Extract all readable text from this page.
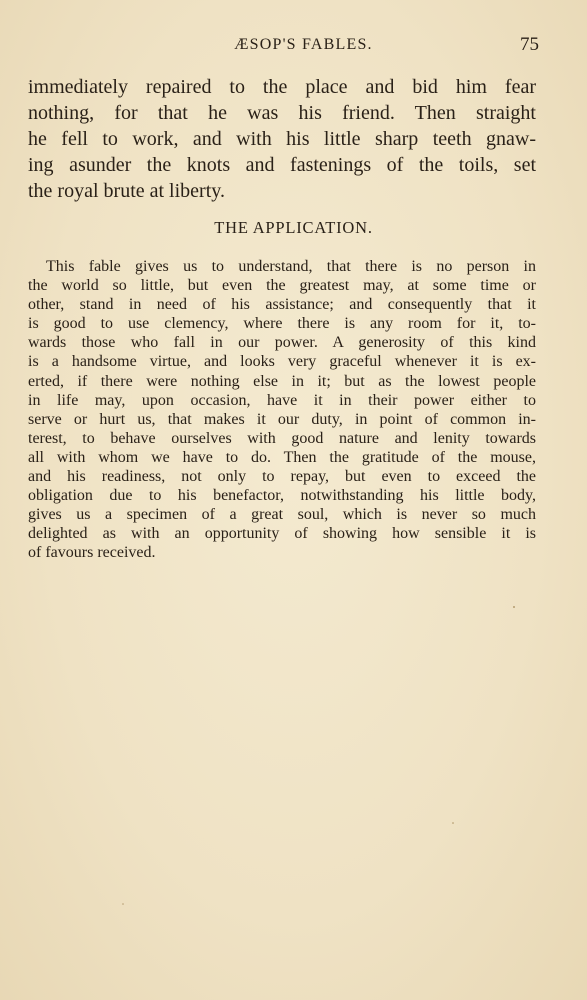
ÆSOP'S FABLES.	75
immediately repaired to the place and bid him fear
nothing, for that he was his friend. Then straight
he fell to work, and with his little sharp teeth gnaw-
ing asunder the knots and fastenings of the toils, set
the royal brute at liberty.
THE APPLICATION.
This fable gives us to understand, that there is no person in
the world so little, but even the greatest may, at some time or
other, stand in need of his assistance; and consequently that it
is good to use clemency, where there is any room for it, to-
wards those who fall in our power. A generosity of this kind
is a handsome virtue, and looks very graceful whenever it is ex-
erted, if there were nothing else in it; but as the lowest people
in life may, upon occasion, have it in their power either to
serve or hurt us, that makes it our duty, in point of common in-
terest, to behave ourselves with good nature and lenity towards
all with whom we have to do. Then the gratitude of the mouse,
and his readiness, not only to repay, but even to exceed the
obligation due to his benefactor, notwithstanding his little body,
gives us a specimen of a great soul, which is never so much
delighted as with an opportunity of showing how sensible it is
of favours received.
